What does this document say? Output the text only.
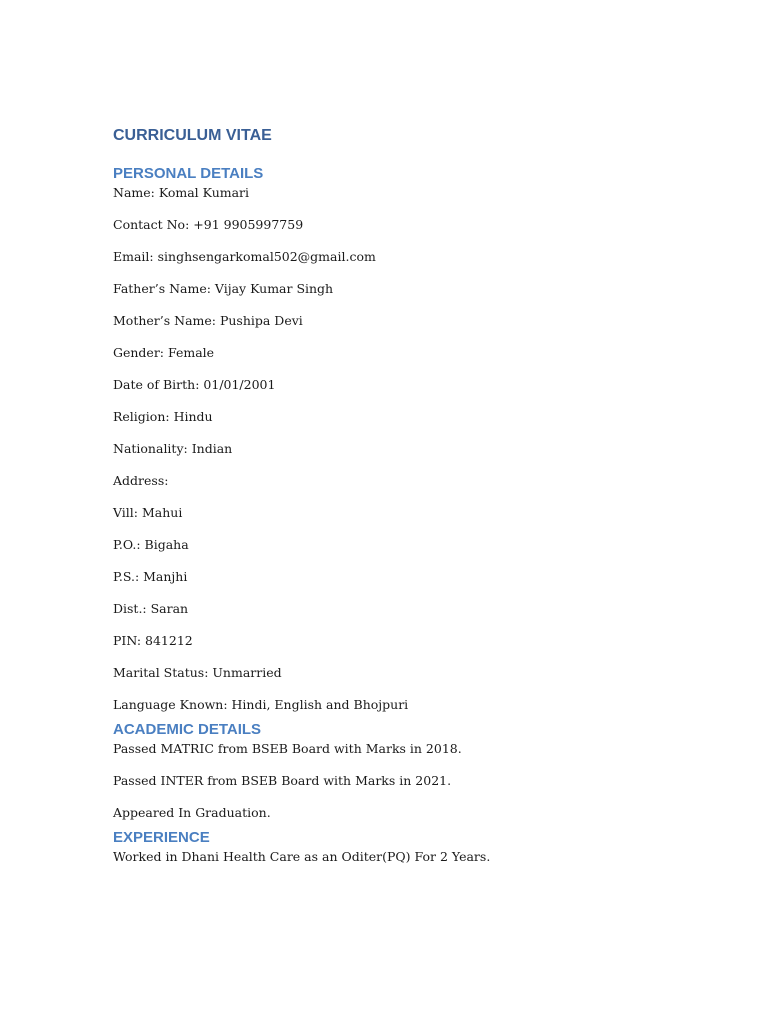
CURRICULUM VITAE
PERSONAL DETAILS

Name: Komal Kumari

Contact No: +91 9905997759

Email: singhsengarkomal502@gmail.com

Father’s Name: Vijay Kumar Singh

Mother’s Name: Pushipa Devi

Gender: Female

Date of Birth: 01/01/2001

Religion: Hindu

Nationality: Indian

Address:

Vill: Mahui

P.O.: Bigaha

P.S.: Manjhi

Dist.: Saran

PIN: 841212

Marital Status: Unmarried

Language Known: Hindi, English and Bhojpuri

ACADEMIC DETAILS

Passed MATRIC from BSEB Board with Marks in 2018.

Passed INTER from BSEB Board with Marks in 2021.

Appeared In Graduation.

EXPERIENCE

Worked in Dhani Health Care as an Oditer(PQ) For 2 Years.
